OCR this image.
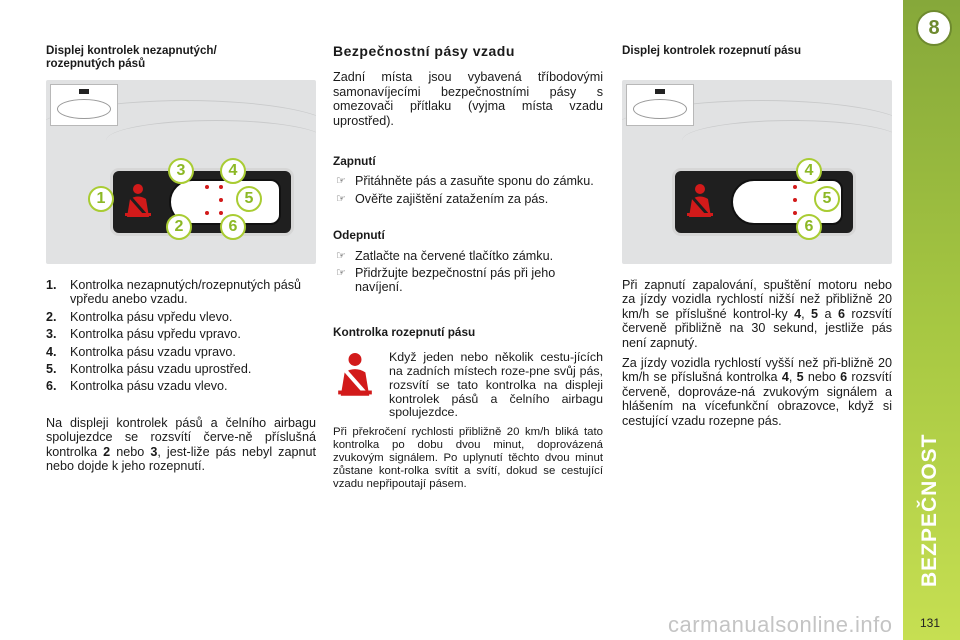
Displej kontrolek nezapnutých/ rozepnutých pásů
1
2
3	4
5
6
1. Kontrolka nezapnutých/rozepnutých pásů vpředu anebo vzadu.
2. Kontrolka pásu vpředu vlevo.
3. Kontrolka pásu vpředu vpravo.
4. Kontrolka pásu vzadu vpravo.
5. Kontrolka pásu vzadu uprostřed.
6. Kontrolka pásu vzadu vlevo.

Na displeji kontrolek pásů a čelního airbagu spolujezdce se rozsvítí červe-ně příslušná kontrolka 2 nebo 3, jest-liže pás nebyl zapnut nebo dojde k jeho rozepnutí.

Bezpečnostní pásy vzadu

Zadní místa jsou vybavená tříbodovými samonavíjecími bezpečnostními pásy s omezovači přítlaku (vyjma místa vzadu uprostřed).

Zapnutí
☞ Přitáhněte pás a zasuňte sponu do zámku.
☞ Ověřte zajištění zatažením za pás.
Odepnutí
☞ Zatlačte na červené tlačítko zámku.
☞ Přidržujte bezpečnostní pás při jeho navíjení.
Kontrolka rozepnutí pásu

Když jeden nebo několik cestu-jících na zadních místech roze-pne svůj pás, rozsvítí se tato kontrolka na displeji kontrolek pásů a čelního airbagu spolujezdce.

Při překročení rychlosti přibližně 20 km/h bliká tato kontrolka po dobu dvou minut, doprovázená zvukovým signálem. Po uplynutí těchto dvou minut zůstane kont-rolka svítit a svítí, dokud se cestující vzadu nepřipoutají pásem.

Displej kontrolek rozepnutí pásu
4
5
6

Při zapnutí zapalování, spuštění motoru nebo za jízdy vozidla rychlostí nižší než přibližně 20 km/h se příslušné kontrol-ky 4, 5 a 6 rozsvítí červeně přibližně na 30 sekund, jestliže pás není zapnutý.

Za jízdy vozidla rychlostí vyšší než při-bližně 20 km/h se příslušná kontrolka 4, 5 nebo 6 rozsvítí červeně, doprovázе-ná zvukovým signálem a hlášením na vícefunkční obrazovce, když si cestující vzadu rozepne pás.

8
BEZPEČNOST
131
carmanualsonline.info
